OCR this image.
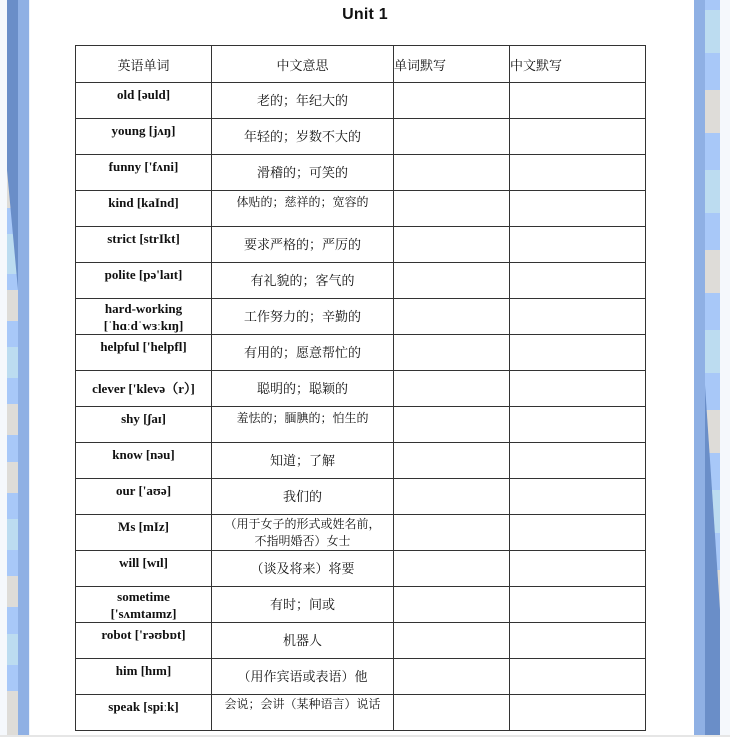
Unit 1
英语单词	中文意思	单词默写	中文默写

old [əuld]	老的；年纪大的		

young [jʌŋ]	年轻的；岁数不大的		

funny ['fʌni]	滑稽的；可笑的		

kind [kaInd]	体贴的；慈祥的；宽容的		

strict [strIkt]	要求严格的；严厉的		

polite [pə'laɪt]	有礼貌的；客气的		

hard-working
[ˈhɑːdˈwɜːkɪŋ]	工作努力的；辛勤的		

helpful ['helpfl]	有用的；愿意帮忙的		

clever ['klevə（r）]	聪明的；聪颖的		

shy [ʃaɪ]	羞怯的；腼腆的；怕生的		

know [nəu]	知道；了解		

our ['aʊə]	我们的		

Ms [mIz]	（用于女子的形式或姓名前，
不指明婚否）女士		

will [wɪl]	（谈及将来）将要		

sometime
['sʌmtaɪmz]	有时；间或		

robot ['rəʊbɒt]	机器人		

him [hɪm]	（用作宾语或表语）他		

speak [spiːk]	会说；会讲（某种语言）说话		
